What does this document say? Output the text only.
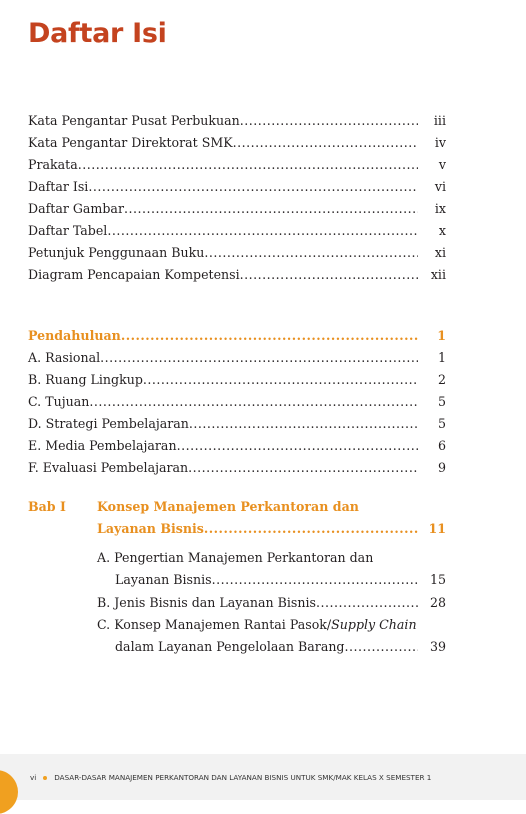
Daftar Isi
Kata Pengantar Pusat Perbukuan .....	iii
Kata Pengantar Direktorat SMK .....	iv
Prakata .....	v
Daftar Isi .....	vi
Daftar Gambar .....	ix
Daftar Tabel .....	x
Petunjuk Penggunaan Buku .....	xi
Diagram Pencapaian Kompetensi .....	xii
Pendahuluan .....	1
A. Rasional .....	1
B. Ruang Lingkup .....	2
C. Tujuan .....	5
D. Strategi Pembelajaran .....	5
E. Media Pembelajaran .....	6
F. Evaluasi Pembelajaran .....	9
Bab I Konsep Manajemen Perkantoran dan
Layanan Bisnis .....	11
A. Pengertian Manajemen Perkantoran dan
Layanan Bisnis .....	15
B. Jenis Bisnis dan Layanan Bisnis .....	28
C. Konsep Manajemen Rantai Pasok/Supply Chain
dalam Layanan Pengelolaan Barang .....	39
vi	DASAR-DASAR MANAJEMEN PERKANTORAN DAN LAYANAN BISNIS UNTUK SMK/MAK KELAS X SEMESTER 1
